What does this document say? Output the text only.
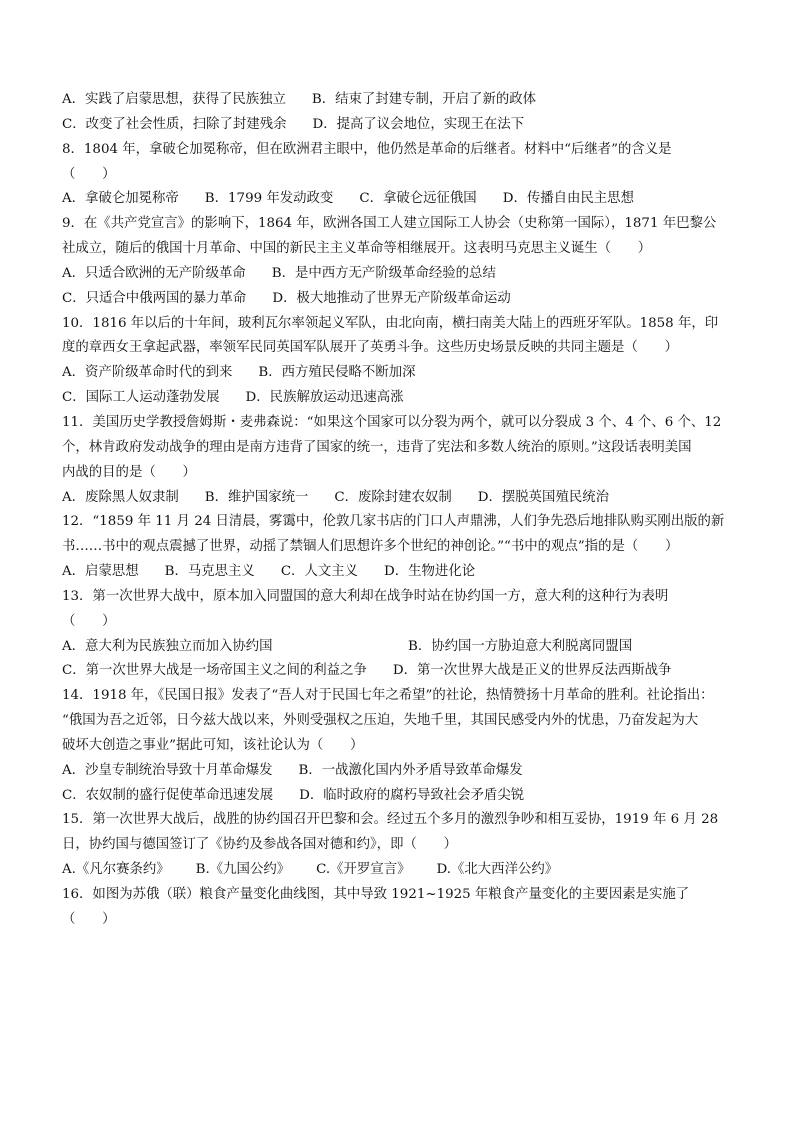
A．实践了启蒙思想，获得了民族独立 B．结束了封建专制，开启了新的政体
C．改变了社会性质，扫除了封建残余 D．提高了议会地位，实现王在法下
8．1804 年，拿破仑加冕称帝，但在欧洲君主眼中，他仍然是革命的后继者。材料中“后继者”的含义是
（　　）
A．拿破仑加冕称帝 B．1799 年发动政变 C．拿破仑远征俄国 D．传播自由民主思想
9．在《共产党宣言》的影响下，1864 年，欧洲各国工人建立国际工人协会（史称第一国际），1871 年巴黎公
社成立，随后的俄国十月革命、中国的新民主主义革命等相继展开。这表明马克思主义诞生（　　）
A．只适合欧洲的无产阶级革命 B．是中西方无产阶级革命经验的总结
C．只适合中俄两国的暴力革命 D．极大地推动了世界无产阶级革命运动
10．1816 年以后的十年间，玻利瓦尔率领起义军队，由北向南，横扫南美大陆上的西班牙军队。1858 年，印
度的章西女王拿起武器，率领军民同英国军队展开了英勇斗争。这些历史场景反映的共同主题是（　　）
A．资产阶级革命时代的到来 B．西方殖民侵略不断加深
C．国际工人运动蓬勃发展 D．民族解放运动迅速高涨
11．美国历史学教授詹姆斯・麦弗森说：“如果这个国家可以分裂为两个，就可以分裂成 3 个、4 个、6 个、12
个，林肯政府发动战争的理由是南方违背了国家的统一，违背了宪法和多数人统治的原则。”这段话表明美国
内战的目的是（　　）
A．废除黑人奴隶制 B．维护国家统一 C．废除封建农奴制 D．摆脱英国殖民统治
12．“1859 年 11 月 24 日清晨，雾霭中，伦敦几家书店的门口人声鼎沸，人们争先恐后地排队购买刚出版的新
书……书中的观点震撼了世界，动摇了禁锢人们思想许多个世纪的神创论。”“书中的观点”指的是（　　）
A．启蒙思想 B．马克思主义 C．人文主义 D．生物进化论
13．第一次世界大战中，原本加入同盟国的意大利却在战争时站在协约国一方，意大利的这种行为表明
（　　）
A．意大利为民族独立而加入协约国	B．协约国一方胁迫意大利脱离同盟国
C．第一次世界大战是一场帝国主义之间的利益之争 D．第一次世界大战是正义的世界反法西斯战争
14．1918 年，《民国日报》发表了“吾人对于民国七年之希望”的社论，热情赞扬十月革命的胜利。社论指出：
“俄国为吾之近邻，日今兹大战以来，外则受强权之压迫，失地千里，其国民感受内外的忧患，乃奋发起为大
破坏大创造之事业”据此可知，该社论认为（　　）
A．沙皇专制统治导致十月革命爆发 B．一战激化国内外矛盾导致革命爆发
C．农奴制的盛行促使革命迅速发展 D．临时政府的腐朽导致社会矛盾尖锐
15．第一次世界大战后，战胜的协约国召开巴黎和会。经过五个多月的激烈争吵和相互妥协，1919 年 6 月 28
日，协约国与德国签订了《协约及参战各国对德和约》，即（　　）
A.《凡尔赛条约》 B.《九国公约》 C.《开罗宣言》 D.《北大西洋公约》
16．如图为苏俄（联）粮食产量变化曲线图，其中导致 1921~1925 年粮食产量变化的主要因素是实施了
（　　）
